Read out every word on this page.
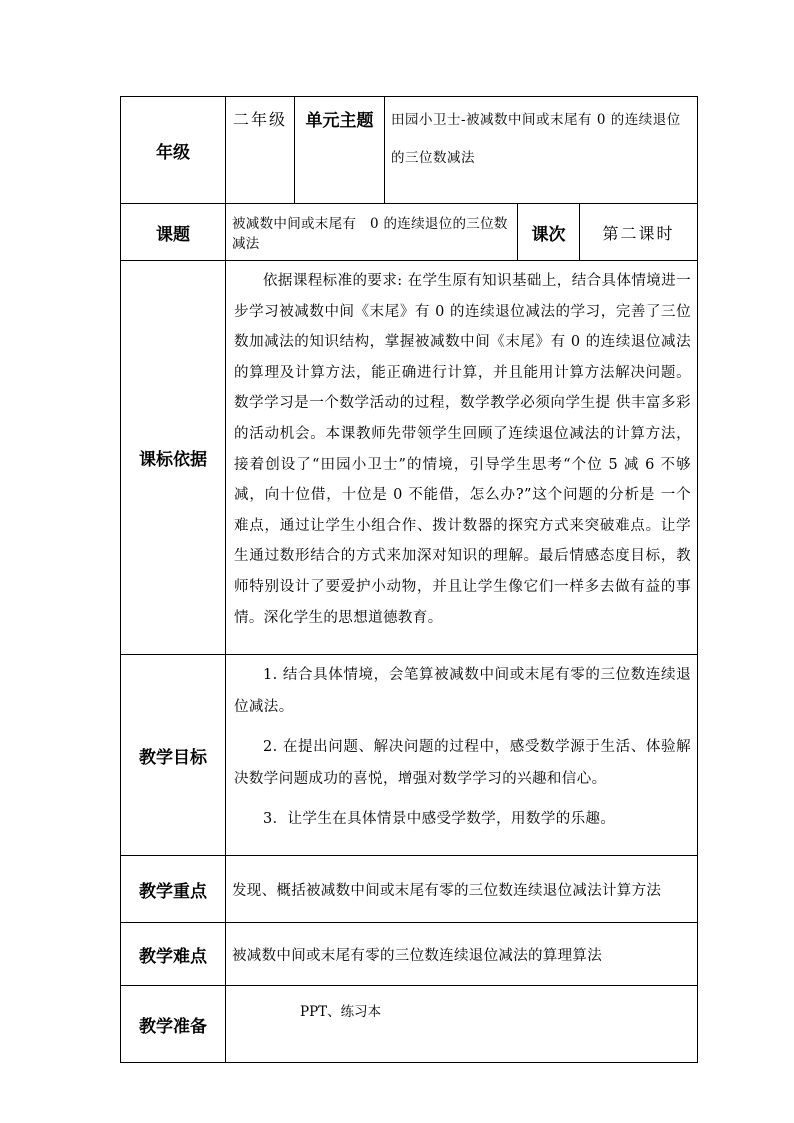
年级	二年级	单元主题	田园小卫士-被减数中间或末尾有 0 的连续退位的三位数减法		
课题	被减数中间或末尾有　0 的连续退位的三位数减法			课次	第二课时
课标依据	依据课程标准的要求: 在学生原有知识基础上，结合具体情境进一步学习被减数中间《末尾》有 0 的连续退位减法的学习，完善了三位数加减法的知识结构，掌握被减数中间《末尾》有 0 的连续退位减法的算理及计算方法，能正确进行计算，并且能用计算方法解决问题。数学学习是一个数学活动的过程，数学教学必须向学生提 供丰富多彩的活动机会。本课教师先带领学生回顾了连续退位减法的计算方法，接着创设了“田园小卫士”的情境，引导学生思考“个位 5 减 6 不够减，向十位借，十位是 0 不能借，怎么办?”这个问题的分析是 一个难点，通过让学生小组合作、拨计数器的探究方式来突破难点。让学生通过数形结合的方式来加深对知识的理解。最后情感态度目标，教师特别设计了要爱护小动物，并且让学生像它们一样多去做有益的事情。深化学生的思想道德教育。				
教学目标	1. 结合具体情境，会笔算被减数中间或末尾有零的三位数连续退位减法。

2. 在提出问题、解决问题的过程中，感受数学源于生活、体验解决数学问题成功的喜悦，增强对数学学习的兴趣和信心。

3．让学生在具体情景中感受学数学，用数学的乐趣。				

教学重点	发现、概括被减数中间或末尾有零的三位数连续退位减法计算方法				
教学难点	被减数中间或末尾有零的三位数连续退位减法的算理算法				
教学准备	PPT、练习本				
